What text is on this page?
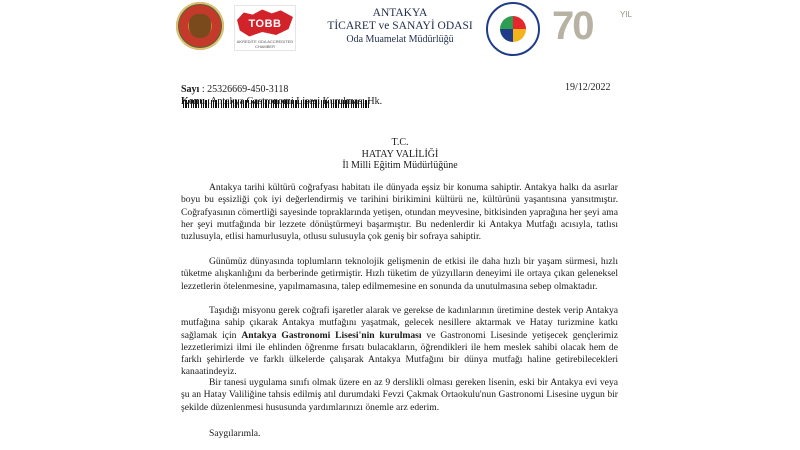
TOBB
AKREDİTE ODA ACCREDITED CHAMBER
ANTAKYA
TİCARET ve SANAYİ ODASI
Oda Muamelat Müdürlüğü	70	YIL
Sayı : 25326669-450-3118	19/12/2022
Konu :Antakya Gastronomi Lisesi Kurulması Hk.
T.C.
HATAY VALİLİĞİ
İl Milli Eğitim Müdürlüğüne

Antakya tarihi kültürü coğrafyası habitatı ile dünyada eşsiz bir konuma sahiptir. Antakya halkı da asırlar boyu bu eşsizliği çok iyi değerlendirmiş ve tarihini birikimini kültürü ne, kültürünü yaşantısına yansıtmıştır. Coğrafyasının cömertliği sayesinde topraklarında yetişen, otundan meyvesine, bitkisinden yaprağına her şeyi ama her şeyi mutfağında bir lezzete dönüştürmeyi başarmıştır. Bu nedenlerdir ki Antakya Mutfağı acısıyla, tatlısı tuzlusuyla, etlisi hamurlusuyla, otlusu sulusuyla çok geniş bir sofraya sahiptir.

Günümüz dünyasında toplumların teknolojik gelişmenin de etkisi ile daha hızlı bir yaşam sürmesi, hızlı tüketme alışkanlığını da berberinde getirmiştir. Hızlı tüketim de yüzyılların deneyimi ile ortaya çıkan geleneksel lezzetlerin ötelenmesine, yapılmamasına, talep edilmemesine en sonunda da unutulmasına sebep olmaktadır.

Taşıdığı misyonu gerek coğrafi işaretler alarak ve gerekse de kadınlarının üretimine destek verip Antakya mutfağına sahip çıkarak Antakya mutfağını yaşatmak, gelecek nesillere aktarmak ve Hatay turizmine katkı sağlamak için Antakya Gastronomi Lisesi'nin kurulması ve Gastronomi Lisesinde yetişecek gençlerimiz lezzetlerimizi ilmi ile ehlinden öğrenme fırsatı bulacakların, öğrendikleri ile hem meslek sahibi olacak hem de farklı şehirlerde ve farklı ülkelerde çalışarak Antakya Mutfağını bir dünya mutfağı haline getirebilecekleri kanaatindeyiz.

Bir tanesi uygulama sınıfı olmak üzere en az 9 derslikli olması gereken lisenin, eski bir Antakya evi veya şu an Hatay Valiliğine tahsis edilmiş atıl durumdaki Fevzi Çakmak Ortaokulu'nun Gastronomi Lisesine uygun bir şekilde düzenlenmesi hususunda yardımlarınızı önemle arz ederim.

Saygılarımla.
